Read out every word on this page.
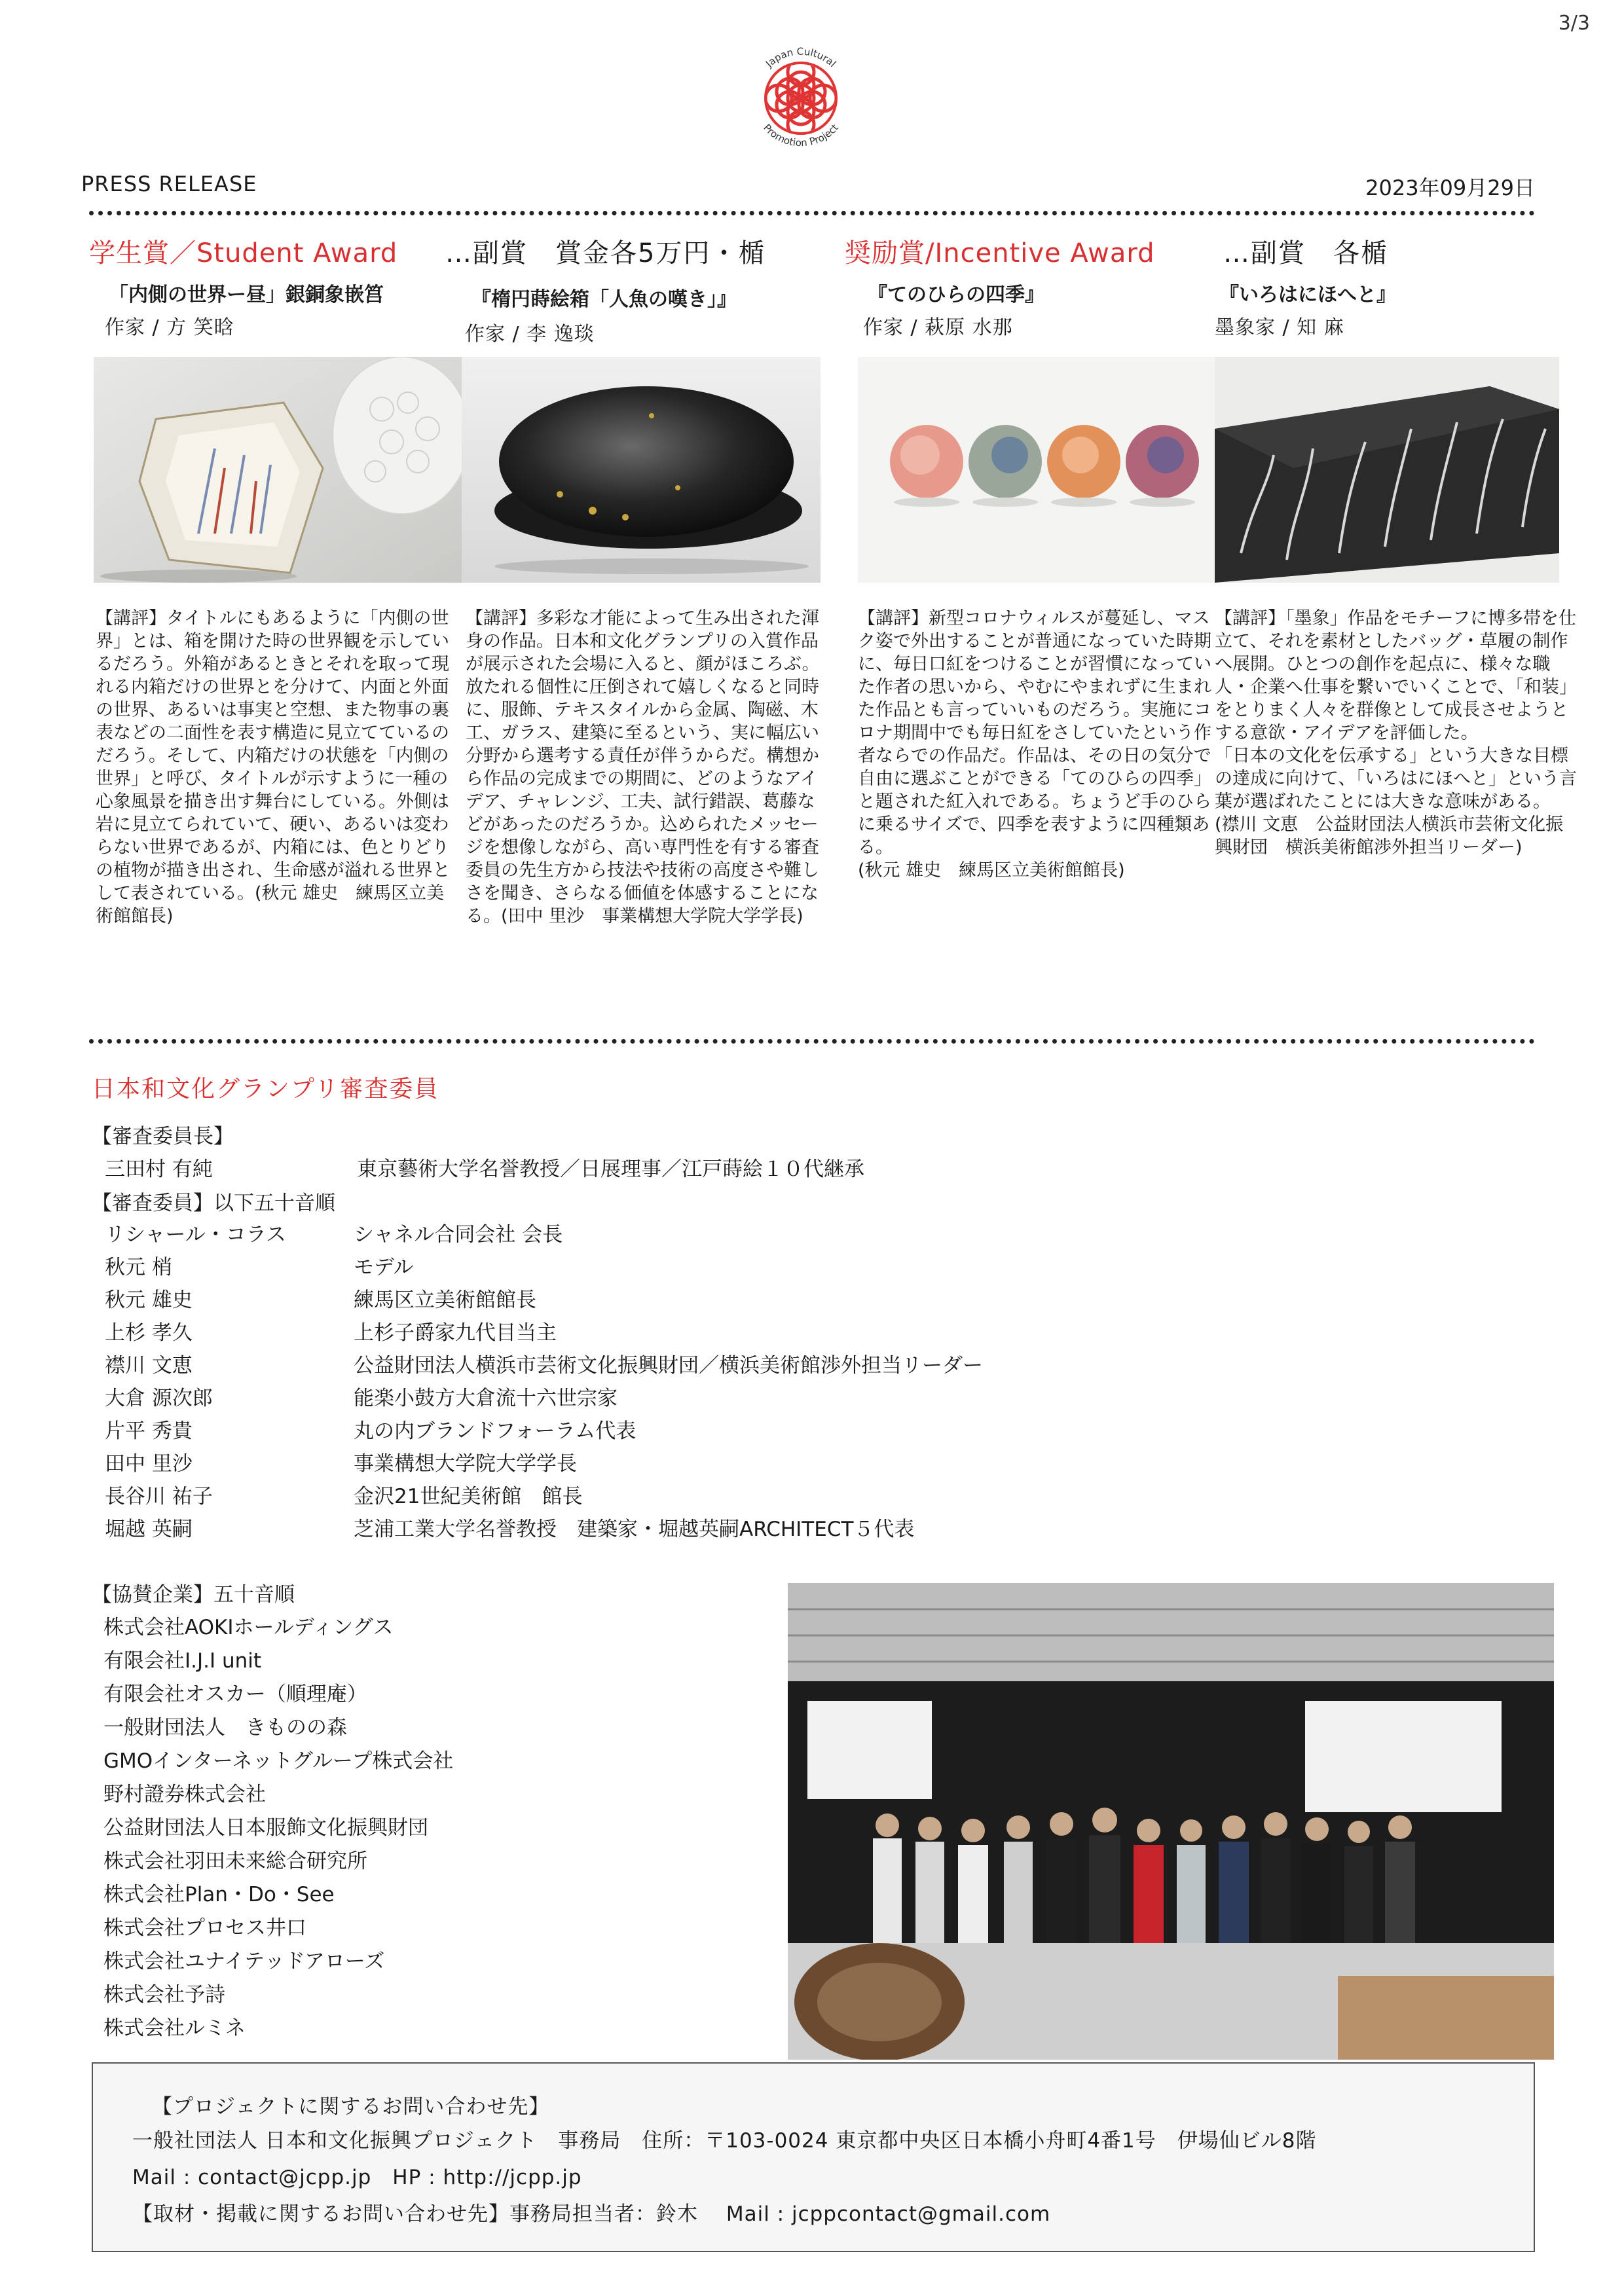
3/3
Japan Cultural
Promotion Project
PRESS RELEASE	2023年09月29日
学生賞／Student Award …副賞　賞金各5万円・楯	奨励賞/Incentive Award	…副賞　各楯
「内側の世界ー昼」銀銅象嵌筥
作家 / 方 笑晗
【講評】タイトルにもあるように「内側の世界」とは、箱を開けた時の世界観を示しているだろう。外箱があるときとそれを取って現れる内箱だけの世界とを分けて、内面と外面の世界、あるいは事実と空想、また物事の裏表などの二面性を表す構造に見立てているのだろう。そして、内箱だけの状態を「内側の世界」と呼び、タイトルが示すように一種の心象風景を描き出す舞台にしている。外側は岩に見立てられていて、硬い、あるいは変わらない世界であるが、内箱には、色とりどりの植物が描き出され、生命感が溢れる世界として表されている。(秋元 雄史　練馬区立美術館館長)
『楕円蒔絵箱「人魚の嘆き」』
作家 / 李 逸琰
【講評】多彩な才能によって生み出された渾身の作品。日本和文化グランプリの入賞作品が展示された会場に入ると、顔がほころぶ。放たれる個性に圧倒されて嬉しくなると同時に、服飾、テキスタイルから金属、陶磁、木工、ガラス、建築に至るという、実に幅広い分野から選考する責任が伴うからだ。構想から作品の完成までの期間に、どのようなアイデア、チャレンジ、工夫、試行錯誤、葛藤などがあったのだろうか。込められたメッセージを想像しながら、高い専門性を有する審査委員の先生方から技法や技術の高度さや難しさを聞き、さらなる価値を体感することになる。(田中 里沙　事業構想大学院大学学長)
『てのひらの四季』
作家 / 萩原 水那
【講評】新型コロナウィルスが蔓延し、マスク姿で外出することが普通になっていた時期に、毎日口紅をつけることが習慣になっていた作者の思いから、やむにやまれずに生まれた作品とも言っていいものだろう。実施にコロナ期間中でも毎日紅をさしていたという作者ならでの作品だ。作品は、その日の気分で自由に選ぶことができる「てのひらの四季」と題された紅入れである。ちょうど手のひらに乗るサイズで、四季を表すように四種類ある。
(秋元 雄史　練馬区立美術館館長)
『いろはにほへと』
墨象家 / 知 麻
【講評】「墨象」作品をモチーフに博多帯を仕立て、それを素材としたバッグ・草履の制作へ展開。ひとつの創作を起点に、様々な職人・企業へ仕事を繋いでいくことで、「和装」をとりまく人々を群像として成長させようとする意欲・アイデアを評価した。
「日本の文化を伝承する」という大きな目標の達成に向けて、「いろはにほへと」という言葉が選ばれたことには大きな意味がある。
(襟川 文恵　公益財団法人横浜市芸術文化振興財団　横浜美術館渉外担当リーダー)
日本和文化グランプリ審査委員
【審査委員長】
三田村 有純	東京藝術大学名誉教授／日展理事／江戸蒔絵１０代継承
【審査委員】以下五十音順
リシャール・コラス	シャネル合同会社 会長
秋元 梢	モデル
秋元 雄史	練馬区立美術館館長
上杉 孝久	上杉子爵家九代目当主
襟川 文恵	公益財団法人横浜市芸術文化振興財団／横浜美術館渉外担当リーダー
大倉 源次郎	能楽小鼓方大倉流十六世宗家
片平 秀貴	丸の内ブランドフォーラム代表
田中 里沙	事業構想大学院大学学長
長谷川 祐子	金沢21世紀美術館　館長
堀越 英嗣	芝浦工業大学名誉教授　建築家・堀越英嗣ARCHITECT５代表
【協賛企業】五十音順
株式会社AOKIホールディングス
有限会社I.J.I unit
有限会社オスカー（順理庵）
一般財団法人　きものの森
GMOインターネットグループ株式会社
野村證券株式会社
公益財団法人日本服飾文化振興財団
株式会社羽田未来総合研究所
株式会社Plan・Do・See
株式会社プロセス井口
株式会社ユナイテッドアローズ
株式会社予詩
株式会社ルミネ
【プロジェクトに関するお問い合わせ先】
一般社団法人 日本和文化振興プロジェクト　事務局　住所：〒103-0024 東京都中央区日本橋小舟町4番1号　伊場仙ビル8階
Mail : contact@jcpp.jp　HP : http://jcpp.jp
【取材・掲載に関するお問い合わせ先】事務局担当者：鈴木　 Mail : jcppcontact@gmail.com
